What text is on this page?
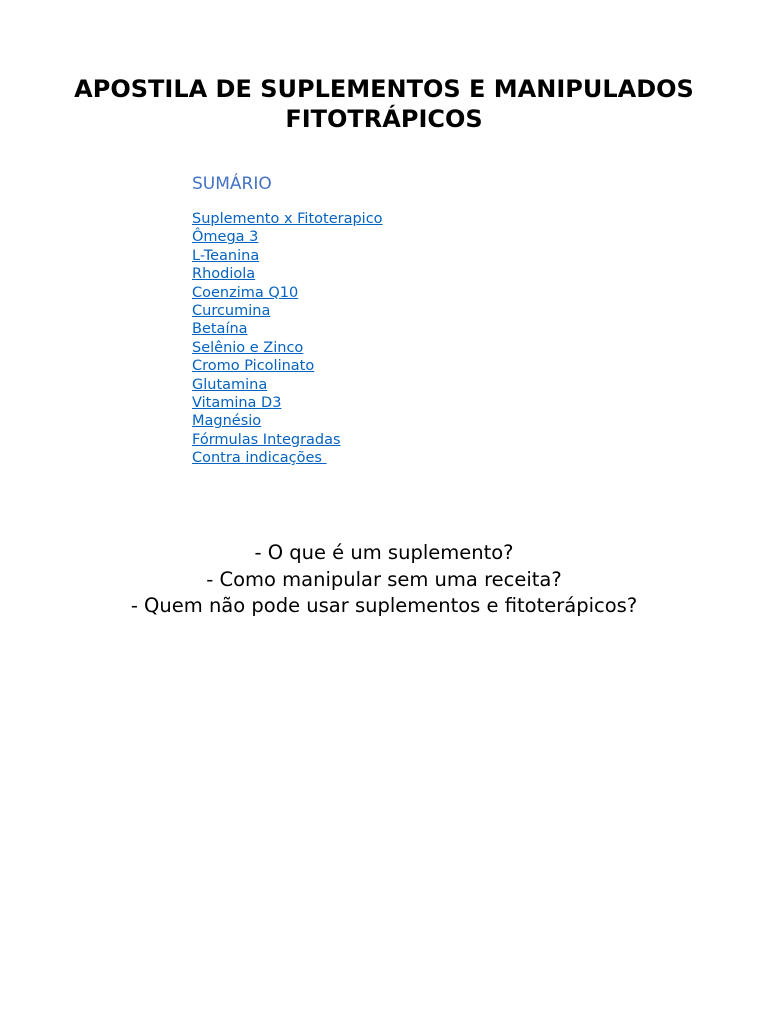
APOSTILA DE SUPLEMENTOS E MANIPULADOS
FITOTRÁPICOS
SUMÁRIO
Suplemento x Fitoterapico
Ômega 3
L-Teanina
Rhodiola
Coenzima Q10
Curcumina
Betaína
Selênio e Zinco
Cromo Picolinato
Glutamina
Vitamina D3
Magnésio
Fórmulas Integradas
Contra indicações

- O que é um suplemento?

- Como manipular sem uma receita?

- Quem não pode usar suplementos e fitoterápicos?
